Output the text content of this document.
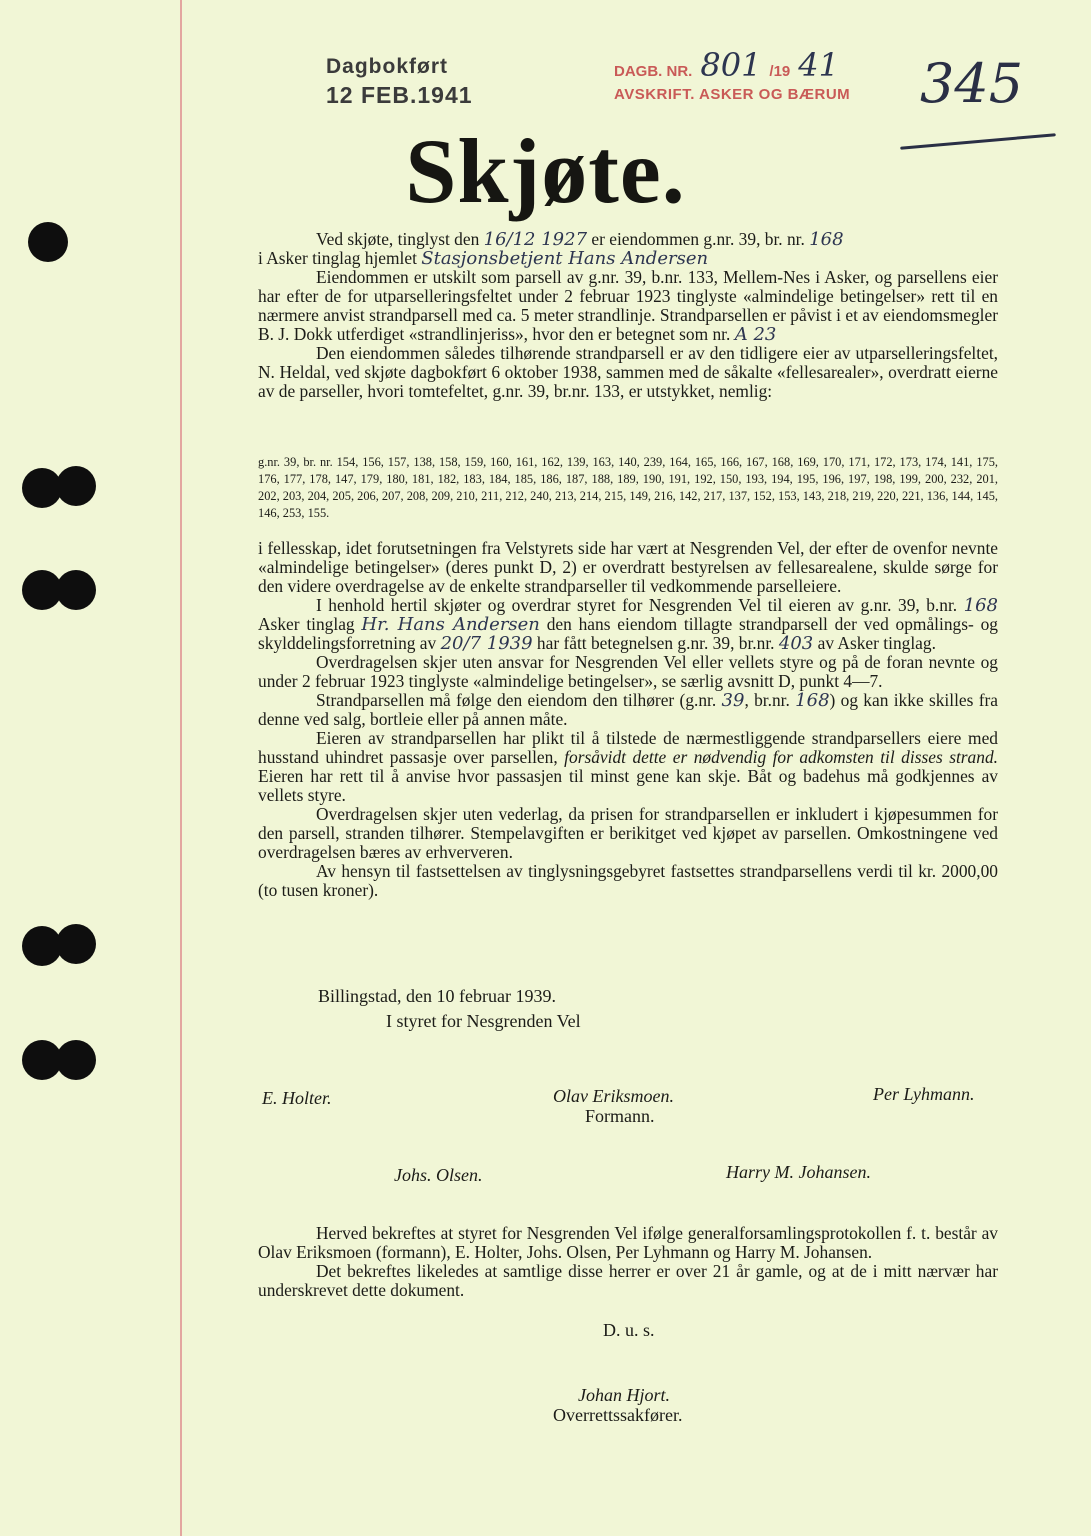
Dagbokført
12 FEB.1941
DAGB. NR. 801 /19 41
AVSKRIFT. ASKER OG BÆRUM 345
Skjøte.

Ved skjøte, tinglyst den 16/12 1927 er eiendommen g.nr. 39, br. nr. 168
i Asker tinglag hjemlet Stasjonsbetjent Hans Andersen

Eiendommen er utskilt som parsell av g.nr. 39, b.nr. 133, Mellem-Nes i Asker, og parsellens eier har efter de for utparselleringsfeltet under 2 februar 1923 tinglyste «almindelige betingelser» rett til en nærmere anvist strandparsell med ca. 5 meter strandlinje. Strandparsellen er påvist i et av eiendomsmegler B. J. Dokk utferdiget «strandlinjeriss», hvor den er betegnet som nr. A 23

Den eiendommen således tilhørende strandparsell er av den tidligere eier av utparselleringsfeltet, N. Heldal, ved skjøte dagbokført 6 oktober 1938, sammen med de såkalte «fellesarealer», overdratt eierne av de parseller, hvori tomtefeltet, g.nr. 39, br.nr. 133, er utstykket, nemlig:

g.nr. 39, br. nr. 154, 156, 157, 138, 158, 159, 160, 161, 162, 139, 163, 140, 239, 164, 165, 166, 167, 168, 169, 170, 171, 172, 173, 174, 141, 175, 176, 177, 178, 147, 179, 180, 181, 182, 183, 184, 185, 186, 187, 188, 189, 190, 191, 192, 150, 193, 194, 195, 196, 197, 198, 199, 200, 232, 201, 202, 203, 204, 205, 206, 207, 208, 209, 210, 211, 212, 240, 213, 214, 215, 149, 216, 142, 217, 137, 152, 153, 143, 218, 219, 220, 221, 136, 144, 145, 146, 253, 155.

i fellesskap, idet forutsetningen fra Velstyrets side har vært at Nesgrenden Vel, der efter de ovenfor nevnte «almindelige betingelser» (deres punkt D, 2) er overdratt bestyrelsen av fellesarealene, skulde sørge for den videre overdragelse av de enkelte strandparseller til vedkommende parselleiere.

I henhold hertil skjøter og overdrar styret for Nesgrenden Vel til eieren av g.nr. 39, b.nr. 168 Asker tinglag Hr. Hans Andersen den hans eiendom tillagte strandparsell der ved opmålings- og skylddelingsforretning av 20/7 1939 har fått betegnelsen g.nr. 39, br.nr. 403 av Asker tinglag.

Overdragelsen skjer uten ansvar for Nesgrenden Vel eller vellets styre og på de foran nevnte og under 2 februar 1923 tinglyste «almindelige betingelser», se særlig avsnitt D, punkt 4—7.

Strandparsellen må følge den eiendom den tilhører (g.nr. 39, br.nr. 168) og kan ikke skilles fra denne ved salg, bortleie eller på annen måte.

Eieren av strandparsellen har plikt til å tilstede de nærmestliggende strandparsellers eiere med husstand uhindret passasje over parsellen, forsåvidt dette er nødvendig for adkomsten til disses strand. Eieren har rett til å anvise hvor passasjen til minst gene kan skje. Båt og badehus må godkjennes av vellets styre.

Overdragelsen skjer uten vederlag, da prisen for strandparsellen er inkludert i kjøpesummen for den parsell, stranden tilhører. Stempelavgiften er berikitget ved kjøpet av parsellen. Omkostningene ved overdragelsen bæres av erhververen.

Av hensyn til fastsettelsen av tinglysningsgebyret fastsettes strandparsellens verdi til kr. 2000,00 (to tusen kroner).

Billingstad, den 10 februar 1939.
I styret for Nesgrenden Vel
E. Holter.	Olav Eriksmoen.
Formann.
Per Lyhmann.
Johs. Olsen.	Harry M. Johansen.

Herved bekreftes at styret for Nesgrenden Vel ifølge generalforsamlingsprotokollen f. t. består av Olav Eriksmoen (formann), E. Holter, Johs. Olsen, Per Lyhmann og Harry M. Johansen.

Det bekreftes likeledes at samtlige disse herrer er over 21 år gamle, og at de i mitt nærvær har underskrevet dette dokument.

D. u. s.
Johan Hjort.
Overrettssakfører.
